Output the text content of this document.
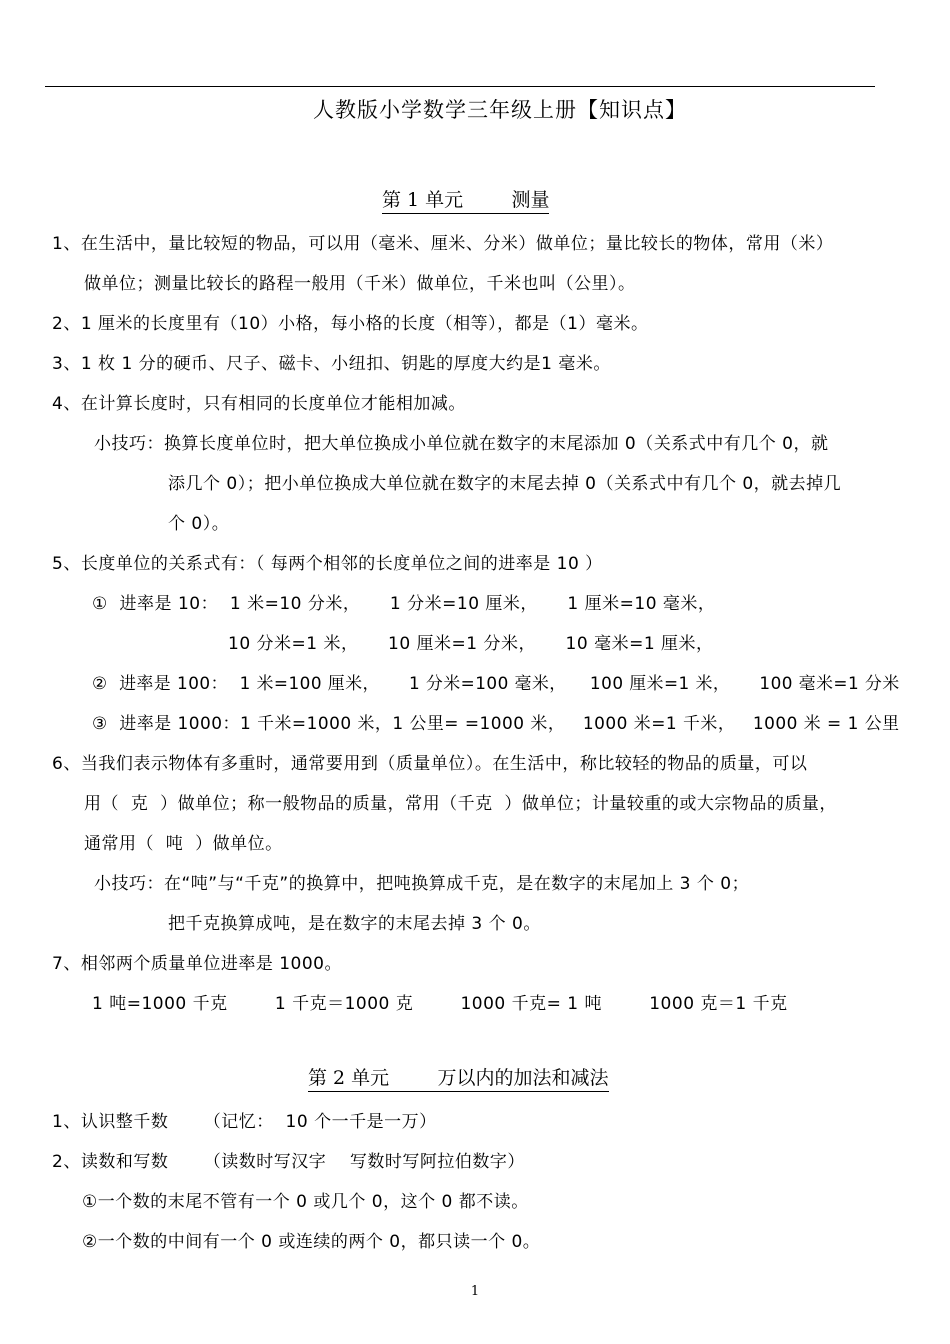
人教版小学数学三年级上册【知识点】
第 1 单元        测量
1、在生活中，量比较短的物品，可以用（毫米、厘米、分米）做单位；量比较长的物体，常用（米）
做单位；测量比较长的路程一般用（千米）做单位，千米也叫（公里）。
2、1 厘米的长度里有（10）小格，每小格的长度（相等），都是（1）毫米。
3、1 枚 1 分的硬币、尺子、磁卡、小纽扣、钥匙的厚度大约是1 毫米。
4、在计算长度时，只有相同的长度单位才能相加减。
小技巧：换算长度单位时，把大单位换成小单位就在数字的末尾添加 0（关系式中有几个 0，就
添几个 0）；把小单位换成大单位就在数字的末尾去掉 0（关系式中有几个 0，就去掉几
个 0）。
5、长度单位的关系式有：（ 每两个相邻的长度单位之间的进率是 10 ）
①  进率是 10：  1 米=10 分米，     1 分米=10 厘米，     1 厘米=10 毫米，
10 分米=1 米，     10 厘米=1 分米，     10 毫米=1 厘米，
②  进率是 100：  1 米=100 厘米，     1 分米=100 毫米，    100 厘米=1 米，     100 毫米=1 分米
③  进率是 1000：1 千米=1000 米，1 公里= =1000 米，   1000 米=1 千米，   1000 米 = 1 公里
6、当我们表示物体有多重时，通常要用到（质量单位）。在生活中，称比较轻的物品的质量，可以
用（  克  ）做单位；称一般物品的质量，常用（千克  ）做单位；计量较重的或大宗物品的质量，
通常用（  吨  ）做单位。
小技巧：在“吨”与“千克”的换算中，把吨换算成千克，是在数字的末尾加上 3 个 0；
把千克换算成吨，是在数字的末尾去掉 3 个 0。
7、相邻两个质量单位进率是 1000。
1 吨=1000 千克        1 千克＝1000 克        1000 千克= 1 吨        1000 克＝1 千克
第 2 单元        万以内的加法和减法
1、认识整千数      （记忆：  10 个一千是一万）
2、读数和写数      （读数时写汉字    写数时写阿拉伯数字）
①一个数的末尾不管有一个 0 或几个 0，这个 0 都不读。
②一个数的中间有一个 0 或连续的两个 0，都只读一个 0。
1
